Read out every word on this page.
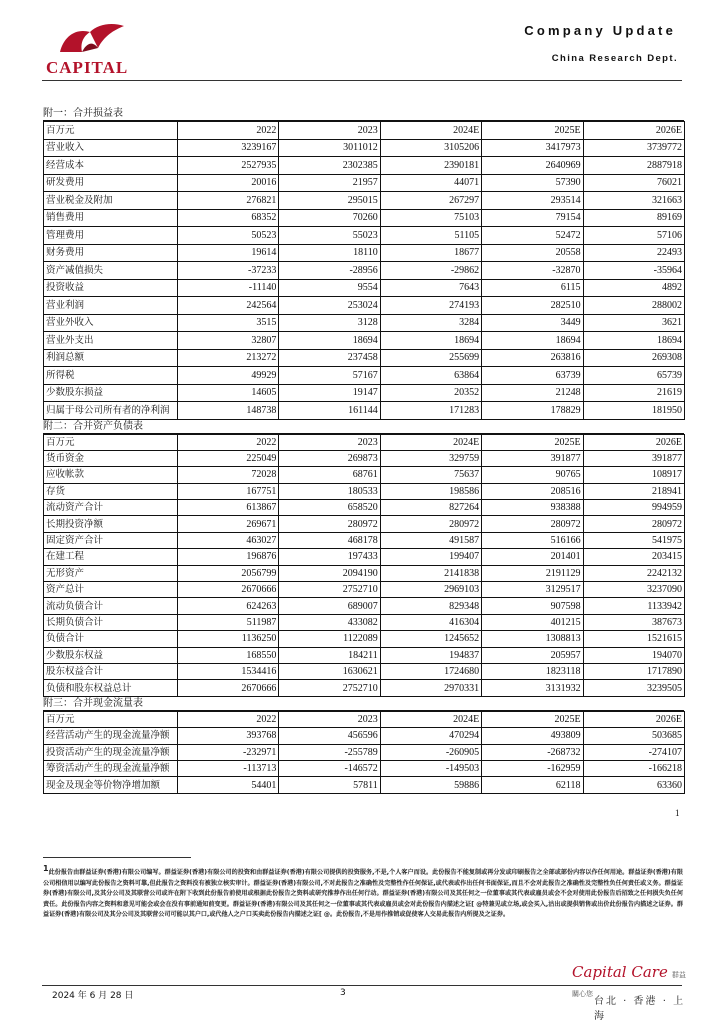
CAPITAL
Company Update
China Research Dept.
附一：合并损益表
百万元	2022	2023	2024E	2025E	2026E
营业收入	3239167	3011012	3105206	3417973	3739772
经营成本	2527935	2302385	2390181	2640969	2887918
研发费用	20016	21957	44071	57390	76021
营业税金及附加	276821	295015	267297	293514	321663
销售费用	68352	70260	75103	79154	89169
管理费用	50523	55023	51105	52472	57106
财务费用	19614	18110	18677	20558	22493
资产减值损失	-37233	-28956	-29862	-32870	-35964
投资收益	-11140	9554	7643	6115	4892
营业利润	242564	253024	274193	282510	288002
营业外收入	3515	3128	3284	3449	3621
营业外支出	32807	18694	18694	18694	18694
利润总额	213272	237458	255699	263816	269308
所得税	49929	57167	63864	63739	65739
少数股东损益	14605	19147	20352	21248	21619
归属于母公司所有者的净利润	148738	161144	171283	178829	181950
附二：合并资产负债表
百万元	2022	2023	2024E	2025E	2026E
货币资金	225049	269873	329759	391877	391877
应收帐款	72028	68761	75637	90765	108917
存货	167751	180533	198586	208516	218941
流动资产合计	613867	658520	827264	938388	994959
长期投资净额	269671	280972	280972	280972	280972
固定资产合计	463027	468178	491587	516166	541975
在建工程	196876	197433	199407	201401	203415
无形资产	2056799	2094190	2141838	2191129	2242132
资产总计	2670666	2752710	2969103	3129517	3237090
流动负债合计	624263	689007	829348	907598	1133942
长期负债合计	511987	433082	416304	401215	387673
负债合计	1136250	1122089	1245652	1308813	1521615
少数股东权益	168550	184211	194837	205957	194070
股东权益合计	1534416	1630621	1724680	1823118	1717890
负债和股东权益总计	2670666	2752710	2970331	3131932	3239505
附三：合并现金流量表
百万元	2022	2023	2024E	2025E	2026E
经营活动产生的现金流量净额	393768	456596	470294	493809	503685
投资活动产生的现金流量净额	-232971	-255789	-260905	-268732	-274107
筹资活动产生的现金流量净额	-113713	-146572	-149503	-162959	-166218
现金及现金等价物净增加额	54401	57811	59886	62118	63360
1
$^1$此份报告由群益证券(香港)有限公司编写。群益证券(香港)有限公司的投资和由群益证券(香港)有限公司提供的投资服务,不是,个人客户而设。此份报告不能复制或再分发或印刷报告之全部或部份内容以作任何用途。群益证券(香港)有限公司相信用以编写此份报告之资料可靠,但此报告之资料没有被独立核实审计。群益证券(香港)有限公司,不对此报告之准确性及完整性作任何保证,或代表或作出任何书面保证,而且不会对此报告之准确性及完整性负任何责任或义务。群益证券(香港)有限公司,及其分公司及其联营公司或许在附下收到此份报告前使用或根据此份报告之资料或研究推荐作出任何行动。群益证券(香港)有限公司及其任何之一位董事或其代表或雇员或会不会对使用此份报告后招致之任何损失负任何责任。此份报告内容之资料和意见可能会或会在没有事前通知前变更。群益证券(香港)有限公司及其任何之一位董事或其代表或雇员或会对此份报告内描述之证[ @特兼见或立场,或会买入,沽出或提供销售或出价此份报告内描述之证券。群益证券(香港)有限公司及其分公司及其联营公司可能以其户口,或代他人之户口买卖此份报告内描述之证[ @。此份报告,不是用作推销或促使客人交易此报告内所提及之证券。
Capital Care 群益關心您
台北 · 香港 · 上海
2024 年 6 月 28 日	3
